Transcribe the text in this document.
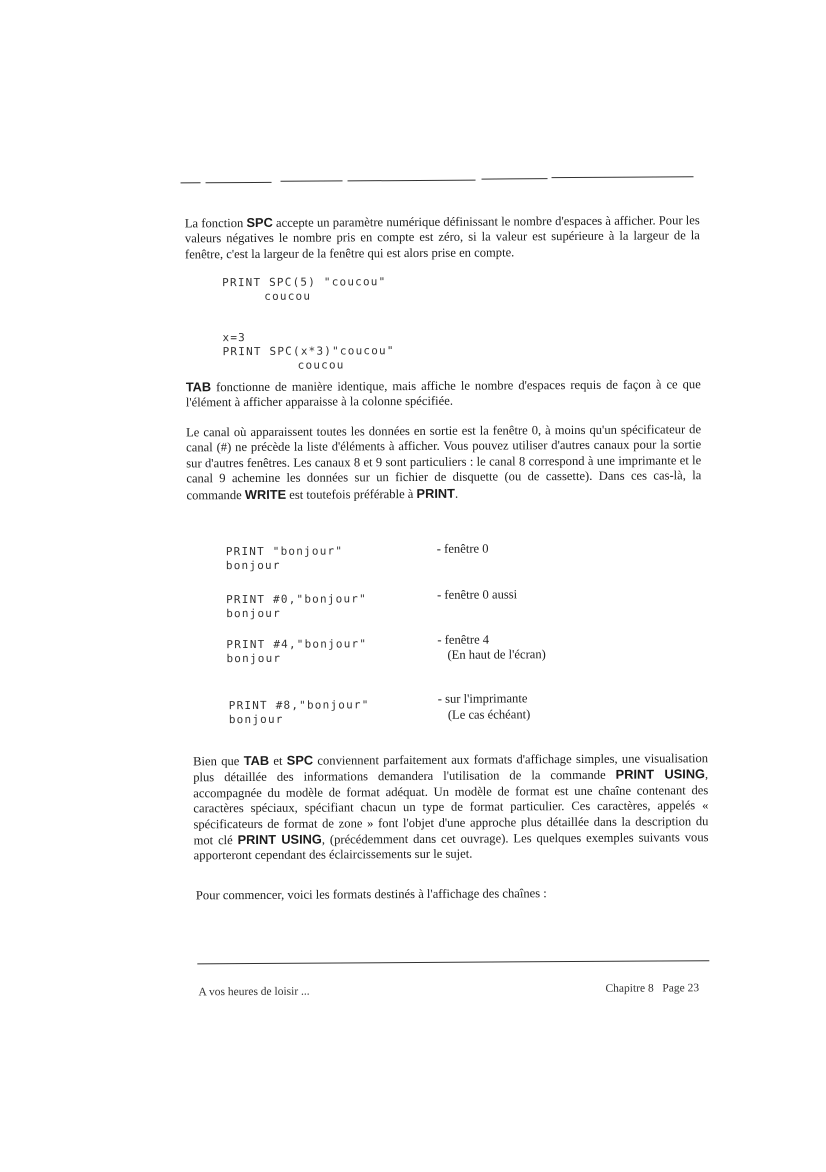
La fonction SPC accepte un paramètre numérique définissant le nombre d'espaces à afficher. Pour les valeurs négatives le nombre pris en compte est zéro, si la valeur est supérieure à la largeur de la fenêtre, c'est la largeur de la fenêtre qui est alors prise en compte.
PRINT SPC(5) "coucou"
coucou
x=3
PRINT SPC(x*3)"coucou"
coucou
TAB fonctionne de manière identique, mais affiche le nombre d'espaces requis de façon à ce que l'élément à afficher apparaisse à la colonne spécifiée.
Le canal où apparaissent toutes les données en sortie est la fenêtre 0, à moins qu'un spécificateur de canal (#) ne précède la liste d'éléments à afficher. Vous pouvez utiliser d'autres canaux pour la sortie sur d'autres fenêtres. Les canaux 8 et 9 sont particuliers : le canal 8 correspond à une imprimante et le canal 9 achemine les données sur un fichier de disquette (ou de cassette). Dans ces cas-là, la commande WRITE est toutefois préférable à PRINT.
PRINT "bonjour"
bonjour
- fenêtre 0
PRINT #0,"bonjour"
bonjour
- fenêtre 0 aussi
PRINT #4,"bonjour"
bonjour
- fenêtre 4
(En haut de l'écran)
PRINT #8,"bonjour"
bonjour
- sur l'imprimante
(Le cas échéant)
Bien que TAB et SPC conviennent parfaitement aux formats d'affichage simples, une visualisation plus détaillée des informations demandera l'utilisation de la commande PRINT USING, accompagnée du modèle de format adéquat. Un modèle de format est une chaîne contenant des caractères spéciaux, spécifiant chacun un type de format particulier. Ces caractères, appelés « spécificateurs de format de zone » font l'objet d'une approche plus détaillée dans la description du mot clé PRINT USING, (précédemment dans cet ouvrage). Les quelques exemples suivants vous apporteront cependant des éclaircissements sur le sujet.
Pour commencer, voici les formats destinés à l'affichage des chaînes :
A vos heures de loisir ...	Chapitre 8   Page 23
